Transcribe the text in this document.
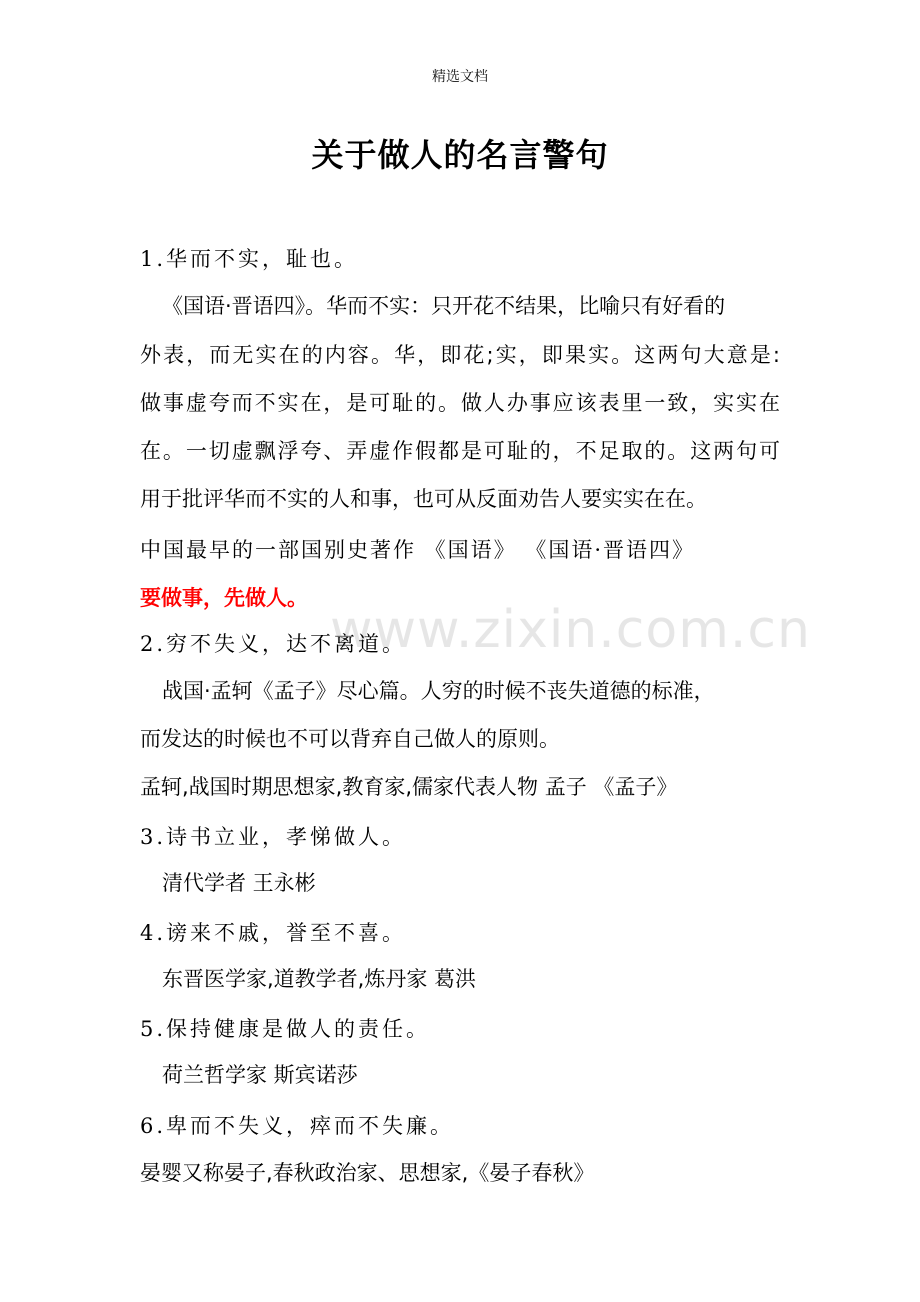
精选文档
关于做人的名言警句
www.zixin.com.cn
1.华而不实，耻也。
《国语·晋语四》。华而不实：只开花不结果，比喻只有好看的
外表，而无实在的内容。华，即花;实，即果实。这两句大意是:
做事虚夸而不实在，是可耻的。做人办事应该表里一致，实实在
在。一切虚飘浮夸、弄虚作假都是可耻的，不足取的。这两句可
用于批评华而不实的人和事，也可从反面劝告人要实实在在。
中国最早的一部国别史著作 《国语》 《国语·晋语四》
要做事，先做人。
2.穷不失义，达不离道。
战国·孟轲《孟子》尽心篇。人穷的时候不丧失道德的标准，
而发达的时候也不可以背弃自己做人的原则。
孟轲,战国时期思想家,教育家,儒家代表人物 孟子 《孟子》
3.诗书立业，孝悌做人。
清代学者 王永彬
4.谤来不戚，誉至不喜。
东晋医学家,道教学者,炼丹家 葛洪
5.保持健康是做人的责任。
荷兰哲学家 斯宾诺莎
6.卑而不失义，瘁而不失廉。
晏婴又称晏子,春秋政治家、思想家,《晏子春秋》
